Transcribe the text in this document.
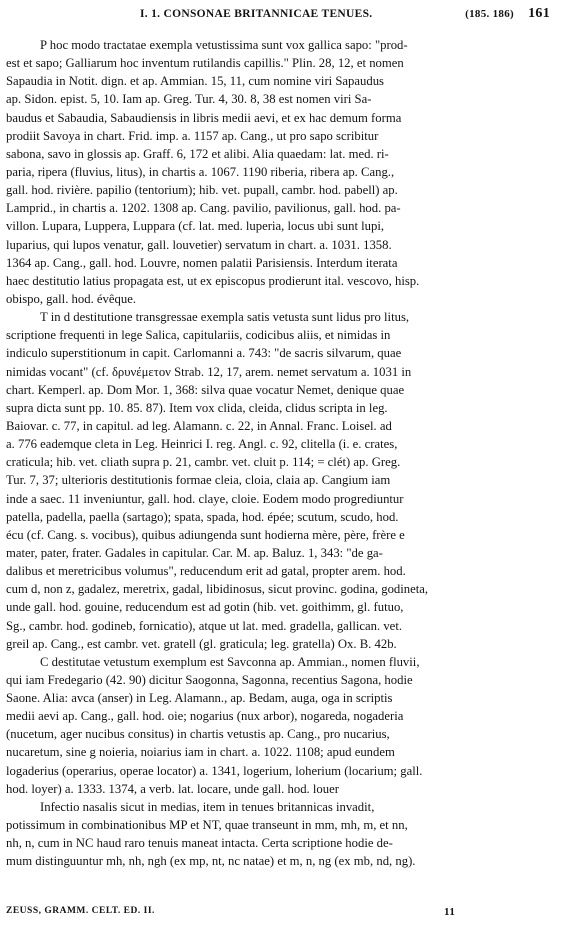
I. 1. CONSONAE BRITANNICAE TENUES.	(185. 186) 161
P hoc modo tractatae exempla vetustissima sunt vox gallica sapo: "prod-
est et sapo; Galliarum hoc inventum rutilandis capillis." Plin. 28, 12, et nomen
Sapaudia in Notit. dign. et ap. Ammian. 15, 11, cum nomine viri Sapaudus
ap. Sidon. epist. 5, 10. Iam ap. Greg. Tur. 4, 30. 8, 38 est nomen viri Sa-
baudus et Sabaudia, Sabaudiensis in libris medii aevi, et ex hac demum forma
prodiit Savoya in chart. Frid. imp. a. 1157 ap. Cang., ut pro sapo scribitur
sabona, savo in glossis ap. Graff. 6, 172 et alibi. Alia quaedam: lat. med. ri-
paria, ripera (fluvius, litus), in chartis a. 1067. 1190 riberia, ribera ap. Cang.,
gall. hod. rivière. papilio (tentorium); hib. vet. pupall, cambr. hod. pabell) ap.
Lamprid., in chartis a. 1202. 1308 ap. Cang. pavilio, pavilionus, gall. hod. pa-
villon. Lupara, Luppera, Luppara (cf. lat. med. luperia, locus ubi sunt lupi,
luparius, qui lupos venatur, gall. louvetier) servatum in chart. a. 1031. 1358.
1364 ap. Cang., gall. hod. Louvre, nomen palatii Parisiensis. Interdum iterata
haec destitutio latius propagata est, ut ex episcopus prodierunt ital. vescovo, hisp.
obispo, gall. hod. évêque.
T in d destitutione transgressae exempla satis vetusta sunt lidus pro litus,
scriptione frequenti in lege Salica, capitulariis, codicibus aliis, et nimidas in
indiculo superstitionum in capit. Carlomanni a. 743: "de sacris silvarum, quae
nimidas vocant" (cf. δρυνέμετον Strab. 12, 17, arem. nemet servatum a. 1031 in
chart. Kemperl. ap. Dom Mor. 1, 368: silva quae vocatur Nemet, denique quae
supra dicta sunt pp. 10. 85. 87). Item vox clida, cleida, clidus scripta in leg.
Baiovar. c. 77, in capitul. ad leg. Alamann. c. 22, in Annal. Franc. Loisel. ad
a. 776 eademque cleta in Leg. Heinrici I. reg. Angl. c. 92, clitella (i. e. crates,
craticula; hib. vet. cliath supra p. 21, cambr. vet. cluit p. 114; = clét) ap. Greg.
Tur. 7, 37; ulterioris destitutionis formae cleia, cloia, claia ap. Cangium iam
inde a saec. 11 inveniuntur, gall. hod. claye, cloie. Eodem modo progrediuntur
patella, padella, paella (sartago); spata, spada, hod. épée; scutum, scudo, hod.
écu (cf. Cang. s. vocibus), quibus adiungenda sunt hodierna mère, père, frère e
mater, pater, frater. Gadales in capitular. Car. M. ap. Baluz. 1, 343: "de ga-
dalibus et meretricibus volumus", reducendum erit ad gatal, propter arem. hod.
cum d, non z, gadalez, meretrix, gadal, libidinosus, sicut provinc. godina, godineta,
unde gall. hod. gouine, reducendum est ad gotin (hib. vet. goithimm, gl. futuo,
Sg., cambr. hod. godineb, fornicatio), atque ut lat. med. gradella, gallican. vet.
greil ap. Cang., est cambr. vet. gratell (gl. graticula; leg. gratella) Ox. B. 42b.
C destitutae vetustum exemplum est Savconna ap. Ammian., nomen fluvii,
qui iam Fredegario (42. 90) dicitur Saogonna, Sagonna, recentius Sagona, hodie
Saone. Alia: avca (anser) in Leg. Alamann., ap. Bedam, auga, oga in scriptis
medii aevi ap. Cang., gall. hod. oie; nogarius (nux arbor), nogareda, nogaderia
(nucetum, ager nucibus consitus) in chartis vetustis ap. Cang., pro nucarius,
nucaretum, sine g noieria, noiarius iam in chart. a. 1022. 1108; apud eundem
logaderius (operarius, operae locator) a. 1341, logerium, loherium (locarium; gall.
hod. loyer) a. 1333. 1374, a verb. lat. locare, unde gall. hod. louer
Infectio nasalis sicut in medias, item in tenues britannicas invadit,
potissimum in combinationibus MP et NT, quae transeunt in mm, mh, m, et nn,
nh, n, cum in NC haud raro tenuis maneat intacta. Certa scriptione hodie de-
mum distinguuntur mh, nh, ngh (ex mp, nt, nc natae) et m, n, ng (ex mb, nd, ng).
ZEUSS, GRAMM. CELT. ED. II.	11
